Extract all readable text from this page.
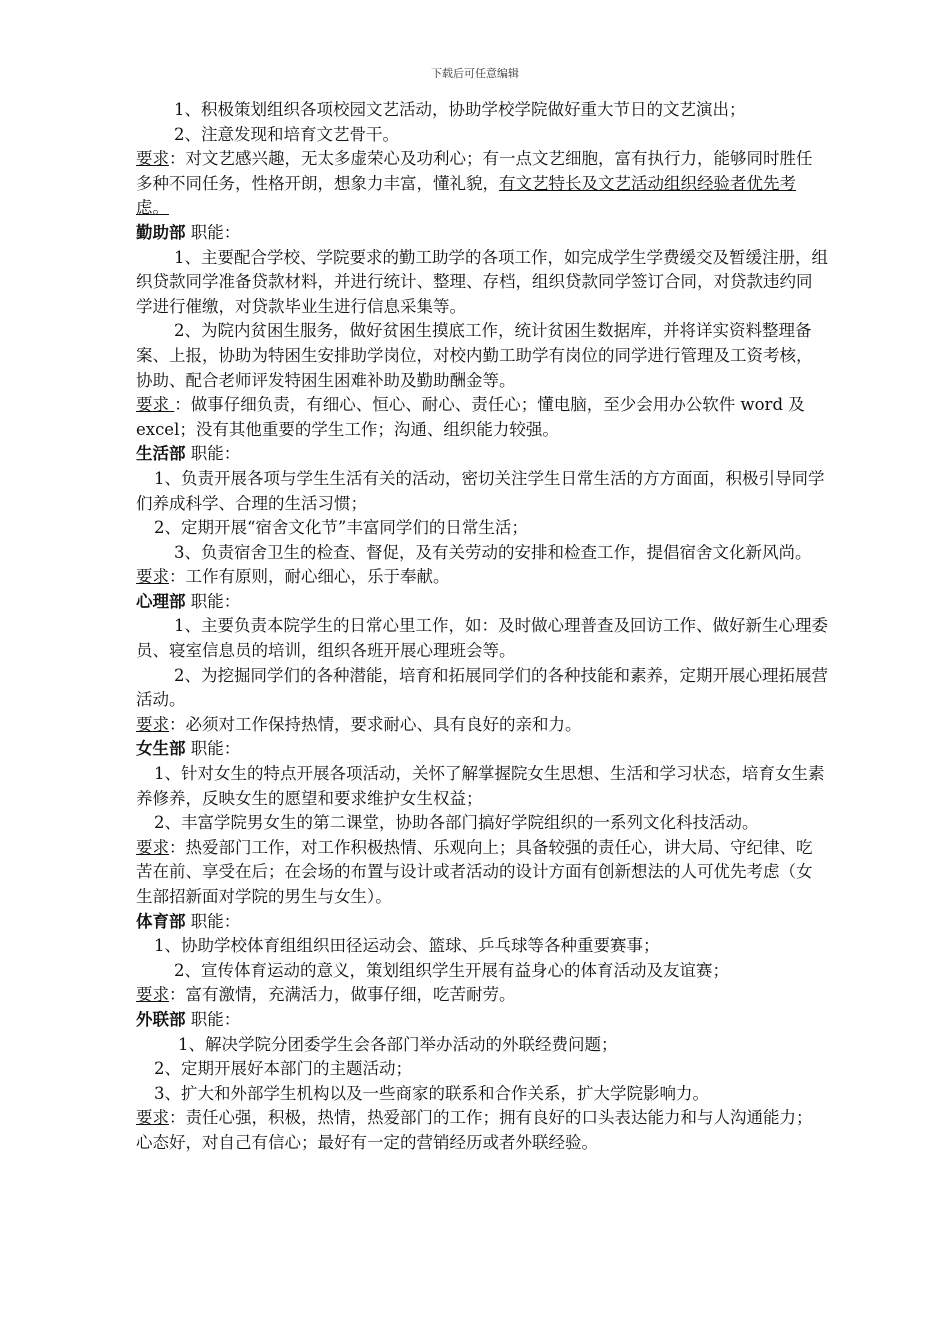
下载后可任意编辑

1、积极策划组织各项校园文艺活动，协助学校学院做好重大节日的文艺演出；

2、注意发现和培育文艺骨干。

要求：对文艺感兴趣，无太多虚荣心及功利心；有一点文艺细胞，富有执行力，能够同时胜任多种不同任务，性格开朗，想象力丰富，懂礼貌，有文艺特长及文艺活动组织经验者优先考虑。

勤助部 职能：

1、主要配合学校、学院要求的勤工助学的各项工作，如完成学生学费缓交及暂缓注册，组织贷款同学准备贷款材料，并进行统计、整理、存档，组织贷款同学签订合同，对贷款违约同学进行催缴，对贷款毕业生进行信息采集等。

2、为院内贫困生服务，做好贫困生摸底工作，统计贫困生数据库，并将详实资料整理备案、上报，协助为特困生安排助学岗位，对校内勤工助学有岗位的同学进行管理及工资考核，协助、配合老师评发特困生困难补助及勤助酬金等。

要求 ：做事仔细负责，有细心、恒心、耐心、责任心；懂电脑，至少会用办公软件 word 及 excel；没有其他重要的学生工作；沟通、组织能力较强。

生活部 职能：

1、负责开展各项与学生生活有关的活动，密切关注学生日常生活的方方面面，积极引导同学们养成科学、合理的生活习惯；

2、定期开展“宿舍文化节”丰富同学们的日常生活；

3、负责宿舍卫生的检查、督促，及有关劳动的安排和检查工作，提倡宿舍文化新风尚。

要求：工作有原则，耐心细心，乐于奉献。

心理部 职能：

1、主要负责本院学生的日常心里工作，如：及时做心理普查及回访工作、做好新生心理委员、寝室信息员的培训，组织各班开展心理班会等。

2、为挖掘同学们的各种潜能，培育和拓展同学们的各种技能和素养，定期开展心理拓展营活动。

要求：必须对工作保持热情，要求耐心、具有良好的亲和力。

女生部 职能：

1、针对女生的特点开展各项活动，关怀了解掌握院女生思想、生活和学习状态，培育女生素养修养，反映女生的愿望和要求维护女生权益；

2、丰富学院男女生的第二课堂，协助各部门搞好学院组织的一系列文化科技活动。

要求：热爱部门工作，对工作积极热情、乐观向上；具备较强的责任心，讲大局、守纪律、吃苦在前、享受在后；在会场的布置与设计或者活动的设计方面有创新想法的人可优先考虑（女生部招新面对学院的男生与女生）。

体育部 职能：

1、协助学校体育组组织田径运动会、篮球、乒乓球等各种重要赛事；

2、宣传体育运动的意义，策划组织学生开展有益身心的体育活动及友谊赛；

要求：富有激情，充满活力，做事仔细，吃苦耐劳。

外联部 职能：

1、解决学院分团委学生会各部门举办活动的外联经费问题；

2、定期开展好本部门的主题活动；

3、扩大和外部学生机构以及一些商家的联系和合作关系，扩大学院影响力。

要求：责任心强，积极，热情，热爱部门的工作；拥有良好的口头表达能力和与人沟通能力；心态好，对自己有信心；最好有一定的营销经历或者外联经验。
